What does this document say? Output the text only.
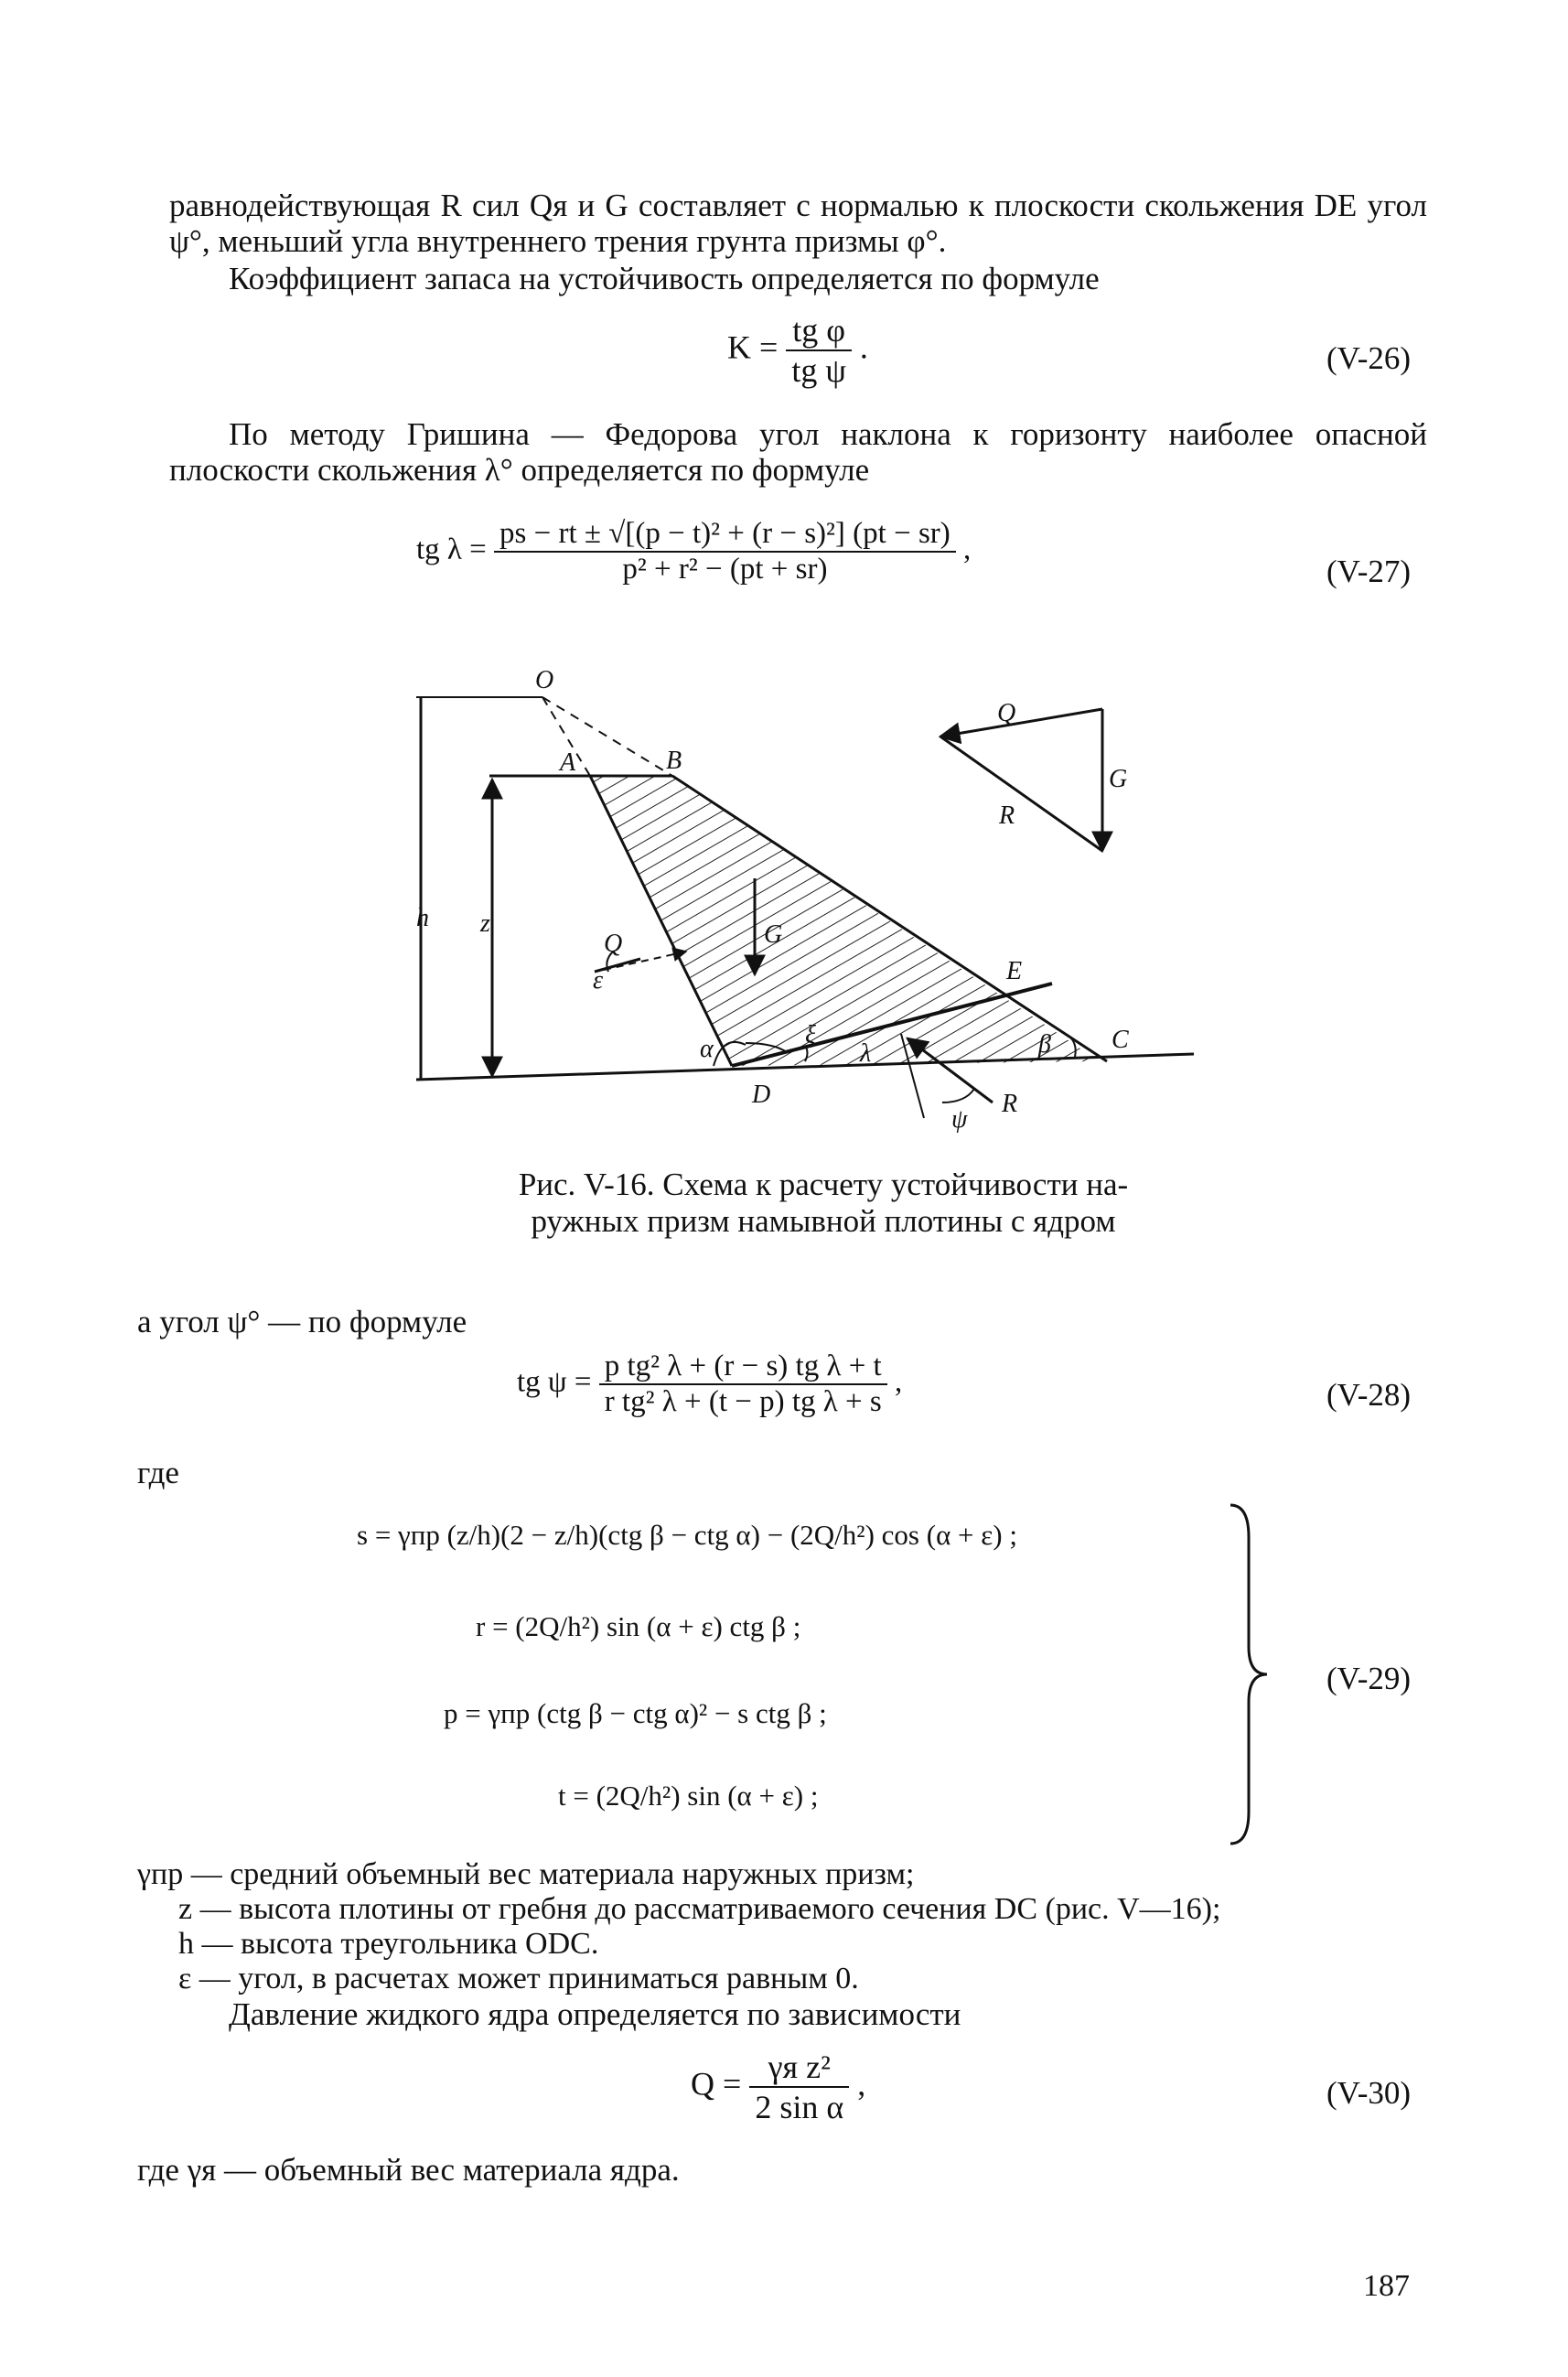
равнодействующая R сил Qя и G составляет с нормалью к плоскости скольжения DE угол ψ°, меньший угла внутреннего трения грунта призмы φ°.

Коэффициент запаса на устойчивость определяется по формуле

$K = \frac{\text{tg φ}}{\text{tg ψ}}$ .	(V-26)

По методу Гришина — Федорова угол наклона к горизонту наиболее опасной плоскости скольжения λ° определяется по формуле

tg $\lambda = \frac{\text{ps − rt ± √[(p − t)² + (r − s)²] (pt − sr)}}{\text{p² + r² − (pt + sr)}}$ ,
(V-27)
O
A	B
h z
Q
ε
G
E
C
D
α	ξ
λ	β
ψ
R
Q
G
R
Рис. V-16. Схема к расчету устойчивости на-
ружных призм намывной плотины с ядром
а угол ψ° — по формуле
tg $\psi = \frac{\text{p tg² λ + (r − s) tg λ + t}}{\text{r tg² λ + (t − p) tg λ + s}}$ ,	(V-28)
где
s = γпр (z/h)(2 − z/h)(ctg β − ctg α) − (2Q/h²) cos (α + ε) ;
r = (2Q/h²) sin (α + ε) ctg β ;
p = γпр (ctg β − ctg α)² − s ctg β ;
t = (2Q/h²) sin (α + ε) ;
(V-29)
γпр — средний объемный вес материала наружных призм;
z — высота плотины от гребня до рассматриваемого сечения DC (рис. V—16);
h — высота треугольника ODC.
ε — угол, в расчетах может приниматься равным 0.
Давление жидкого ядра определяется по зависимости
$Q = \frac{\text{γя z²}}{\text{2 sin α}}$ ,	(V-30)
где γя — объемный вес материала ядра.
187
